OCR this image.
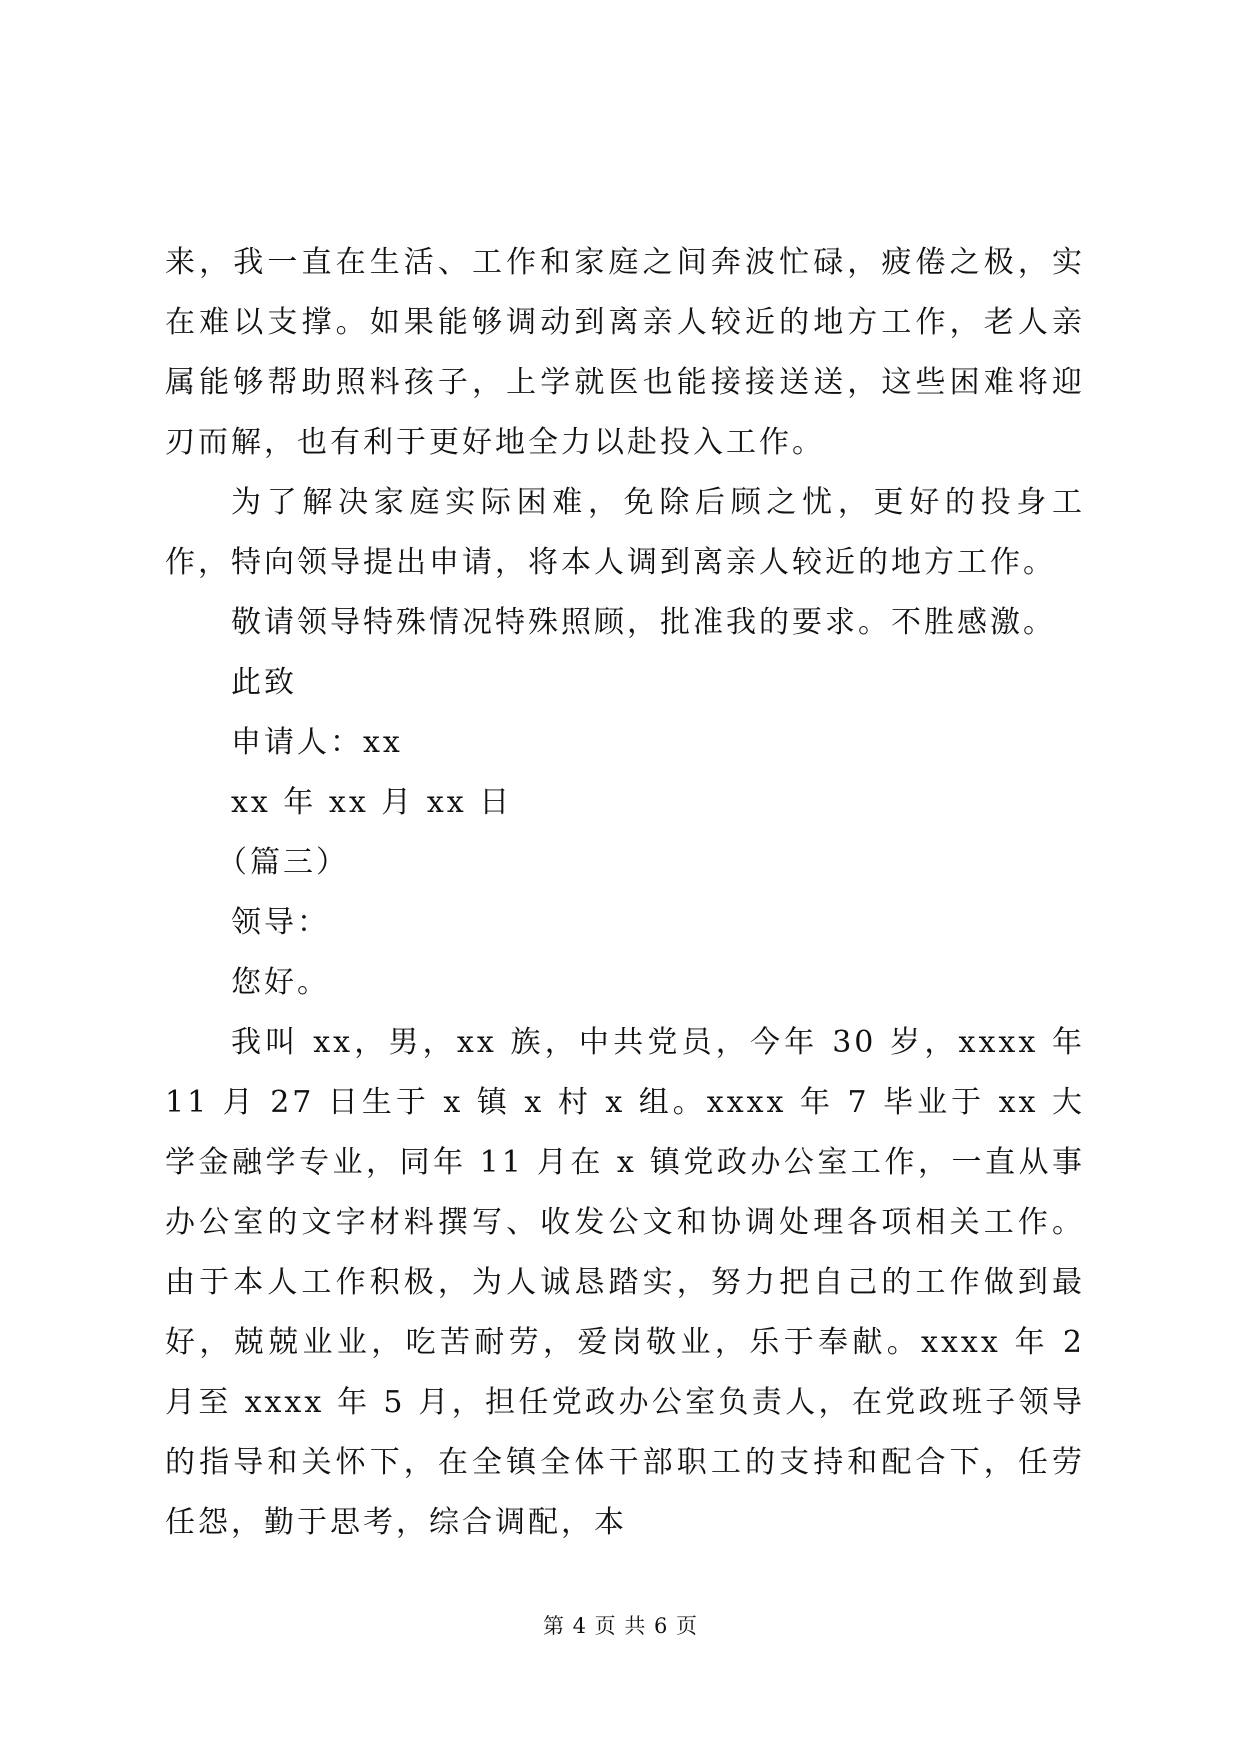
来，我一直在生活、工作和家庭之间奔波忙碌，疲倦之极，实在难以支撑。如果能够调动到离亲人较近的地方工作，老人亲属能够帮助照料孩子，上学就医也能接接送送，这些困难将迎刃而解，也有利于更好地全力以赴投入工作。

为了解决家庭实际困难，免除后顾之忧，更好的投身工作，特向领导提出申请，将本人调到离亲人较近的地方工作。

敬请领导特殊情况特殊照顾，批准我的要求。不胜感激。

此致

申请人：xx

xx 年 xx 月 xx 日

（篇三）

领导：

您好。

我叫 xx，男，xx 族，中共党员，今年 30 岁，xxxx 年 11 月 27 日生于 x 镇 x 村 x 组。xxxx 年 7 毕业于 xx 大学金融学专业，同年 11 月在 x 镇党政办公室工作，一直从事办公室的文字材料撰写、收发公文和协调处理各项相关工作。由于本人工作积极，为人诚恳踏实，努力把自己的工作做到最好，兢兢业业，吃苦耐劳，爱岗敬业，乐于奉献。xxxx 年 2 月至 xxxx 年 5 月，担任党政办公室负责人，在党政班子领导的指导和关怀下，在全镇全体干部职工的支持和配合下，任劳任怨，勤于思考，综合调配，本

第 4 页 共 6 页
